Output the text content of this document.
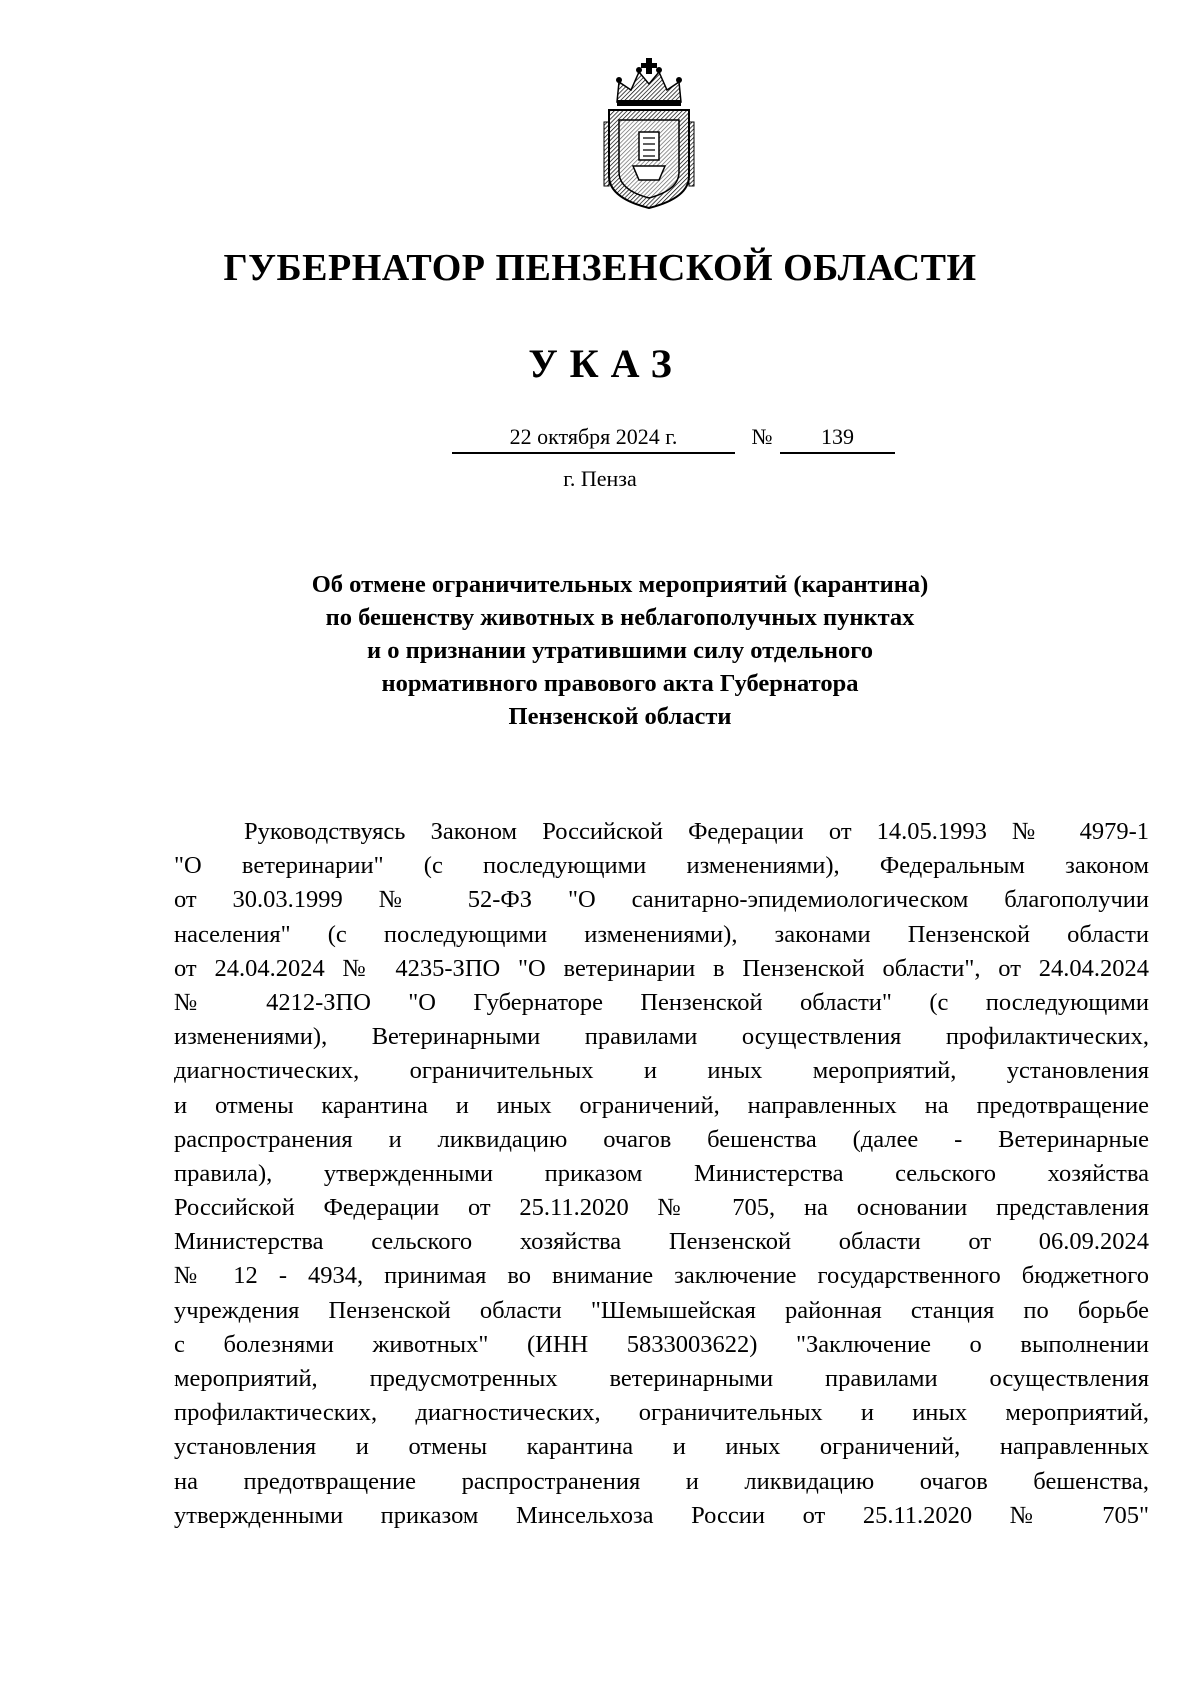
ГУБЕРНАТОР ПЕНЗЕНСКОЙ ОБЛАСТИ
УКАЗ
22 октября 2024 г.	№	139
г. Пенза
Об отмене ограничительных мероприятий (карантина)
по бешенству животных в неблагополучных пунктах
и о признании утратившими силу отдельного
нормативного правового акта Губернатора
Пензенской области
Руководствуясь Законом Российской Федерации от 14.05.1993 № 4979-1
"О ветеринарии" (с последующими изменениями), Федеральным законом
от 30.03.1999 № 52-ФЗ "О санитарно-эпидемиологическом благополучии
населения" (с последующими изменениями), законами Пензенской области
от 24.04.2024 № 4235-ЗПО "О ветеринарии в Пензенской области", от 24.04.2024
№ 4212-ЗПО "О Губернаторе Пензенской области" (с последующими
изменениями), Ветеринарными правилами осуществления профилактических,
диагностических, ограничительных и иных мероприятий, установления
и отмены карантина и иных ограничений, направленных на предотвращение
распространения и ликвидацию очагов бешенства (далее - Ветеринарные
правила), утвержденными приказом Министерства сельского хозяйства
Российской Федерации от 25.11.2020 № 705, на основании представления
Министерства сельского хозяйства Пензенской области от 06.09.2024
№ 12 - 4934, принимая во внимание заключение государственного бюджетного
учреждения Пензенской области "Шемышейская районная станция по борьбе
с болезнями животных" (ИНН 5833003622) "Заключение о выполнении
мероприятий, предусмотренных ветеринарными правилами осуществления
профилактических, диагностических, ограничительных и иных мероприятий,
установления и отмены карантина и иных ограничений, направленных
на предотвращение распространения и ликвидацию очагов бешенства,
утвержденными приказом Минсельхоза России от 25.11.2020 № 705"
